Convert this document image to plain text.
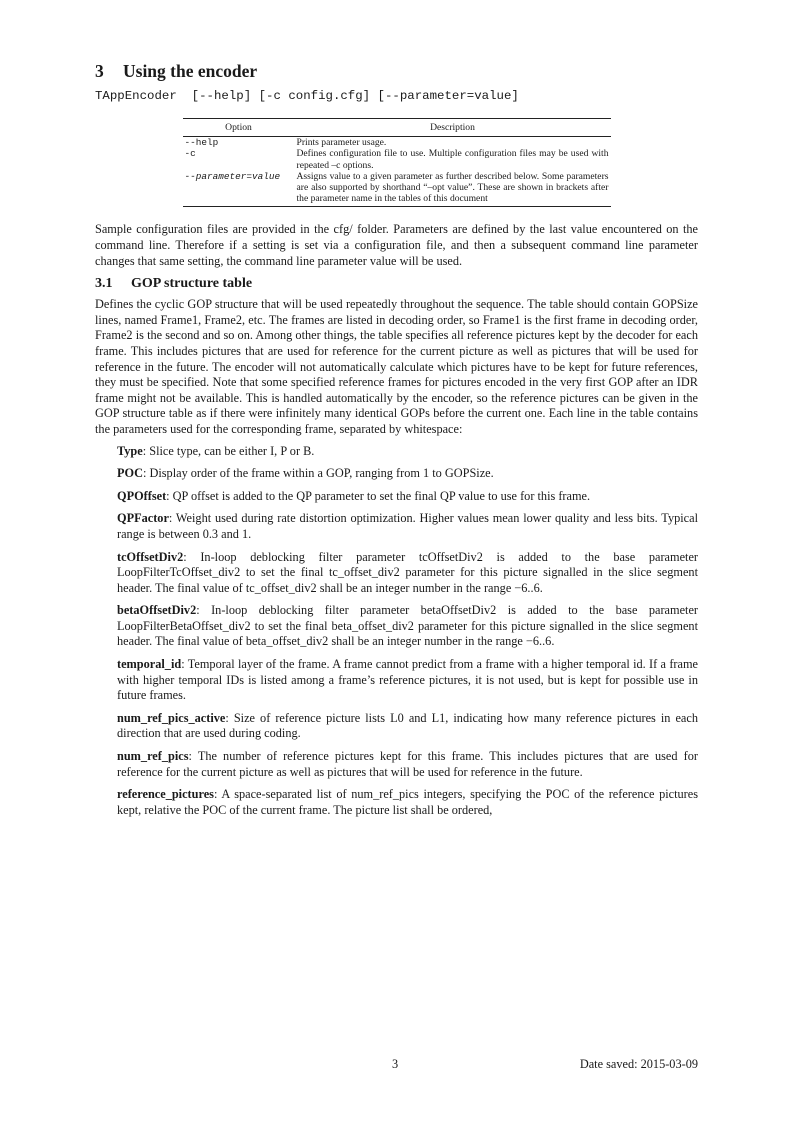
3 Using the encoder
TAppEncoder  [--help] [-c config.cfg] [--parameter=value]
Option	Description
--help	Prints parameter usage.
-c	Defines configuration file to use. Multiple configuration files may be used with repeated –c options.
--parameter=value	Assigns value to a given parameter as further described below. Some parameters are also supported by shorthand “–opt value”. These are shown in brackets after the parameter name in the tables of this document

Sample configuration files are provided in the cfg/ folder. Parameters are defined by the last value encountered on the command line. Therefore if a setting is set via a configuration file, and then a subsequent command line parameter changes that same setting, the command line parameter value will be used.

3.1 GOP structure table

Defines the cyclic GOP structure that will be used repeatedly throughout the sequence. The table should contain GOPSize lines, named Frame1, Frame2, etc. The frames are listed in decoding order, so Frame1 is the first frame in decoding order, Frame2 is the second and so on. Among other things, the table specifies all reference pictures kept by the decoder for each frame. This includes pictures that are used for reference for the current picture as well as pictures that will be used for reference in the future. The encoder will not automatically calculate which pictures have to be kept for future references, they must be specified. Note that some specified reference frames for pictures encoded in the very first GOP after an IDR frame might not be available. This is handled automatically by the encoder, so the reference pictures can be given in the GOP structure table as if there were infinitely many identical GOPs before the current one. Each line in the table contains the parameters used for the corresponding frame, separated by whitespace:

Type: Slice type, can be either I, P or B.

POC: Display order of the frame within a GOP, ranging from 1 to GOPSize.

QPOffset: QP offset is added to the QP parameter to set the final QP value to use for this frame.

QPFactor: Weight used during rate distortion optimization. Higher values mean lower quality and less bits. Typical range is between 0.3 and 1.

tcOffsetDiv2: In-loop deblocking filter parameter tcOffsetDiv2 is added to the base parameter LoopFilterTcOffset_div2 to set the final tc_offset_div2 parameter for this picture signalled in the slice segment header. The final value of tc_offset_div2 shall be an integer number in the range −6..6.

betaOffsetDiv2: In-loop deblocking filter parameter betaOffsetDiv2 is added to the base parameter LoopFilterBetaOffset_div2 to set the final beta_offset_div2 parameter for this picture signalled in the slice segment header. The final value of beta_offset_div2 shall be an integer number in the range −6..6.

temporal_id: Temporal layer of the frame. A frame cannot predict from a frame with a higher temporal id. If a frame with higher temporal IDs is listed among a frame’s reference pictures, it is not used, but is kept for possible use in future frames.

num_ref_pics_active: Size of reference picture lists L0 and L1, indicating how many reference pictures in each direction that are used during coding.

num_ref_pics: The number of reference pictures kept for this frame. This includes pictures that are used for reference for the current picture as well as pictures that will be used for reference in the future.

reference_pictures: A space-separated list of num_ref_pics integers, specifying the POC of the reference pictures kept, relative the POC of the current frame. The picture list shall be ordered,

3	Date saved: 2015-03-09
